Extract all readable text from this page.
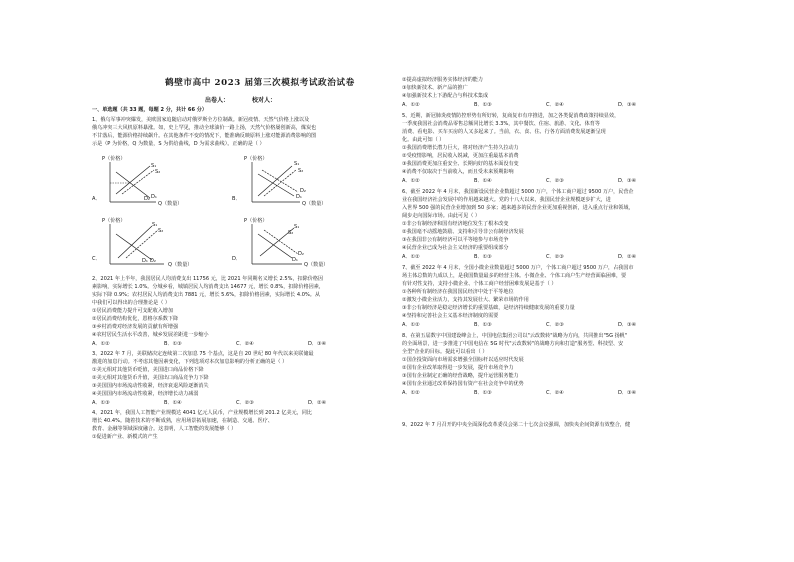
鹤壁市高中 2023 届第三次模拟考试政治试卷
出卷人：	校对人：
一、单选题（共 33 题，每题 2 分，共计 66 分）
1、俄乌军事冲突爆发，美欧国家追随启动对俄罗斯全方位制裁。新冠疫情、天然气价格上涨以及
俄乌冲突三大风机原料暴涨。如，史上罕见，推动全球油价一路上扬，天然气价格屡创新高，煤炭也
不甘落后，能源价格持续飙升。在其他条件不变的情况下，能准确反映原料上涨对能源消费影响的图
示是（P 为价格，Q 为数量，S 为供给曲线，D 为需求曲线）。正确的是（ ）
A．
P（价格）
Q（数量）
S₁
S₂
D₁
D₂	B．
P（价格）
Q（数量）
S₁
S₂
D₁
D₂
C．
P（价格）
Q（数量）
S₁
S₂
D₁ D₂	D．
P（价格）
Q（数量）
S₁
S₂
D₁
D₂
2、2021 年上半年，我国居民人均消费支出 11756 元，比 2021 年同期名义增长 2.5%，扣除价格因
素影响，实际增长 1.0%。分城乡看，城镇居民人均消费支出 14677 元，增长 0.8%，扣除价格因素，
实际下降 0.9%；农村居民人均消费支出 7881 元，增长 5.6%，扣除价格因素，实际增长 4.0%。从
中我们可以得出的合理推论是（ ）
①居民消费能力提升可支配收入增加
②居民消费结构优化，恩格尔系数下降
③乡村消费对经济发展的贡献有所增强
④农村居民生活水平改善，城乡发展差距进一步缩小
A．①②	B．①③	C．②④	D．③④
3、2022 年 7 月，美联储决定连续第二次加息 75 个基点，这是自 20 世纪 80 年代以来美联储最
激进的加息行动。不考虑其他因素变化，下列选项对本次加息影响的分析正确的是（ ）
①美元相对其他货币贬值，美国进口商品价格下降
②美元相对其他货币升值，美国出口商品竞争力下降
③美国国内市场流动性收紧，经济衰退风险逐渐消失
④美国国内市场流动性收紧，经济增长动力减弱
A．①③	B．①④	C．②③	D．②④
4、2021 年，我国人工智能产业规模达 4041 亿元人民币，产业规模增长到 201.2 亿美元，同比
增长 40.4%。随着技术的不断成熟，应用场景拓展加速，在制造、交通、医疗、
教育、金融等领域深度融合。这表明，人工智能的发展能够（ ）
①促进新产业、新模式的产生
②提高虚拟经济服务实体经济的能力
③加快新技术、新产品的推广
④加强新技术上下游配合与科技术集成
A．①②	B．①③	C．②④	D．③④
5、近期，新冠肺炎疫情防控形势有所好转，复商复市有序推进，加之各类促消费政策持续显效，
一季度我国社会消费品零售总额同比增长 3.3%，其中餐饮、住宿、旅游、文化、体育等
消费、看电影、买车买房的人又多起来了。当前，衣、食、住、行各方面消费发展逐渐呈现
化。由此可知（ ）
①我国消费增长潜力巨大，将对经济产生持久拉动力
②受疫情影响，居民收入锐减，更加注重最基本消费
③我国消费更加注重安全、长期向好的基本面没有变
④消费不仅取决于当前收入，而且受未来预期影响
A．①②	B．①④	C．②③	D．③④
6、截至 2022 年 4 月末，我国新设民营企业数超过 5000 万户，个体工商户超过 9500 万户，民营企
业在我国经济社会发展中的作用越来越大。党的十八大以来，我国民营企业规模逐步扩大，进
入世界 500 强的民营企业增加到 50 多家；越来越多的民营企业更加重视创新，进入重点行业和领域，
阔步走向国际市场。由此可见（ ）
①非公有制经济和国有经济地位发生了根本改变
②我国毫不动摇地鼓励、支持和引导非公有制经济发展
③在我国非公有制经济可以平等地参与市场竞争
④民营企业已成为社会主义经济的重要组成部分
A．①②	B．①③	C．②③	D．②④
7、截至 2022 年 4 月末，全国小微企业数量超过 5000 万户，个体工商户超过 9500 万户，占我国市
场主体总数的九成以上，是我国数量最多的经营主体。小微企业、个体工商户生产经营面临困难，要
有针对性支持，支持小微企业、个体工商户经营困难发展是基于（ ）
①各种所有制经济在我国国民经济中处于平等地位
②激发小微企业活力，支持其发展壮大、繁荣市场的作用
③非公有制经济是稳定经济增长的重要基础，是经济持续健康发展的重要力量
④坚持和完善社会主义基本经济制度的需要
A．①②	B．①③	C．②③	D．③④
8、在第五届数字中国建设峰会上，中国电信集团公司以"云改数转"战略为方向，共同推出"5G 扬帆"
的全面场景，进一步推进了中国电信在 5G 时代"云改数转"的战略方向和打造"服务型、科技型、安
全型"企业的目标。提此可以看出（ ）
①国企投资面向市场需求增强全国标杆以适应时代发展
②国有企业改革取得进一步发展，提升市场竞争力
③国有企业制定正确的经营战略，提升运营服务能力
④国有企业通过改革保持国有资产在社会竞争中的优势
A．①②	B．①③	C．②④	D．③④
9、2022 年 7 月召开的中央全面深化改革委员会第二十七次会议强调，加快央企间资源有效整合，健
